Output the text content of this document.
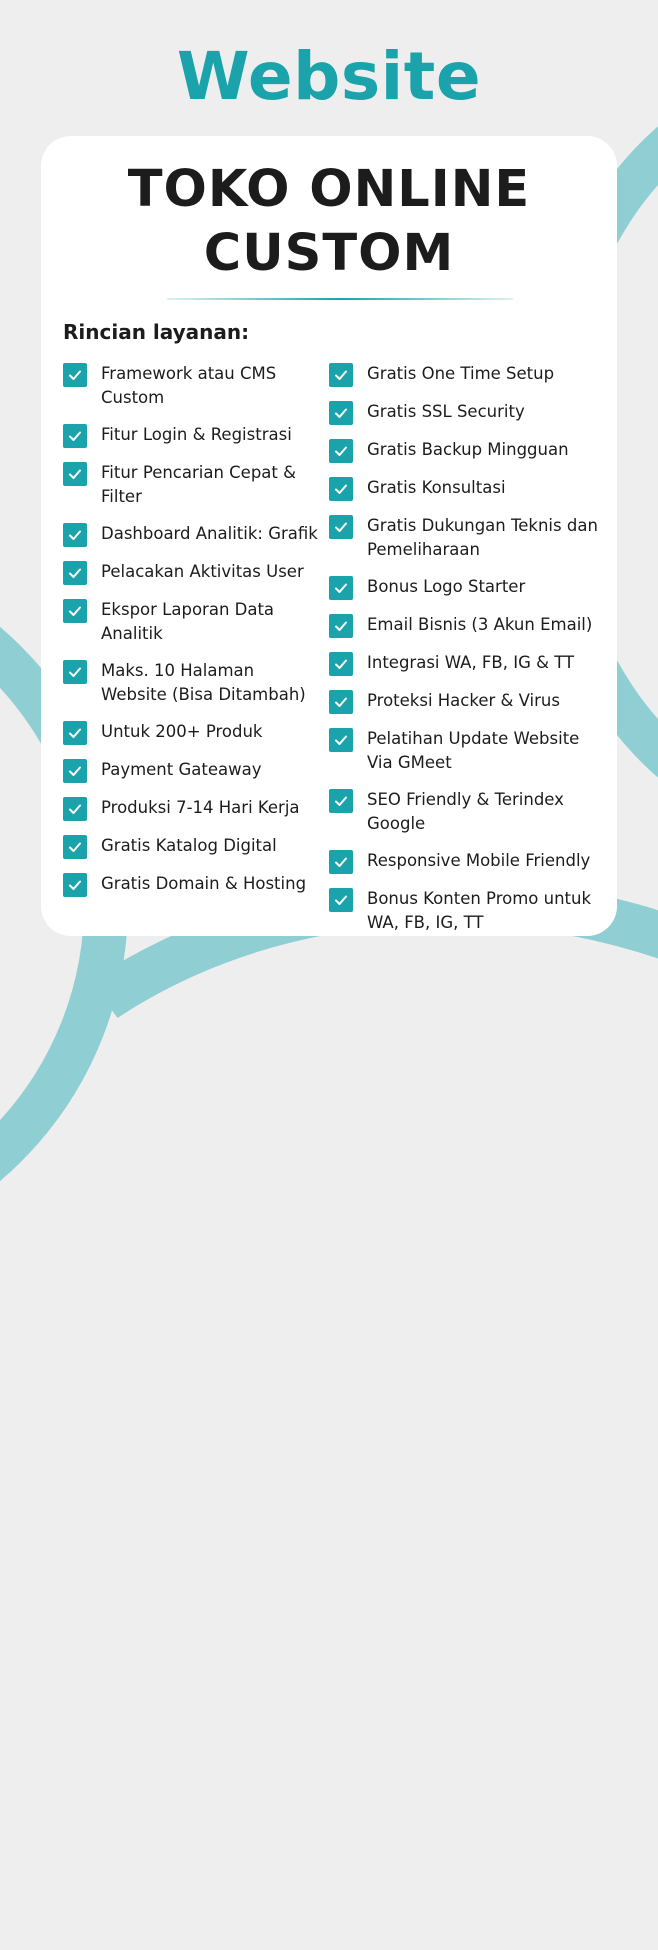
Website
TOKO ONLINE
CUSTOM
Rincian layanan:
Framework atau CMS Custom
Fitur Login & Registrasi
Fitur Pencarian Cepat & Filter
Dashboard Analitik: Grafik
Pelacakan Aktivitas User
Ekspor Laporan Data Analitik
Maks. 10 Halaman Website (Bisa Ditambah)
Untuk 200+ Produk
Payment Gateaway
Produksi 7-14 Hari Kerja
Gratis Katalog Digital
Gratis Domain & Hosting
Gratis One Time Setup
Gratis SSL Security
Gratis Backup Mingguan
Gratis Konsultasi
Gratis Dukungan Teknis dan Pemeliharaan
Bonus Logo Starter
Email Bisnis (3 Akun Email)
Integrasi WA, FB, IG & TT
Proteksi Hacker & Virus
Pelatihan Update Website Via GMeet
SEO Friendly & Terindex Google
Responsive Mobile Friendly
Bonus Konten Promo untuk WA, FB, IG, TT
